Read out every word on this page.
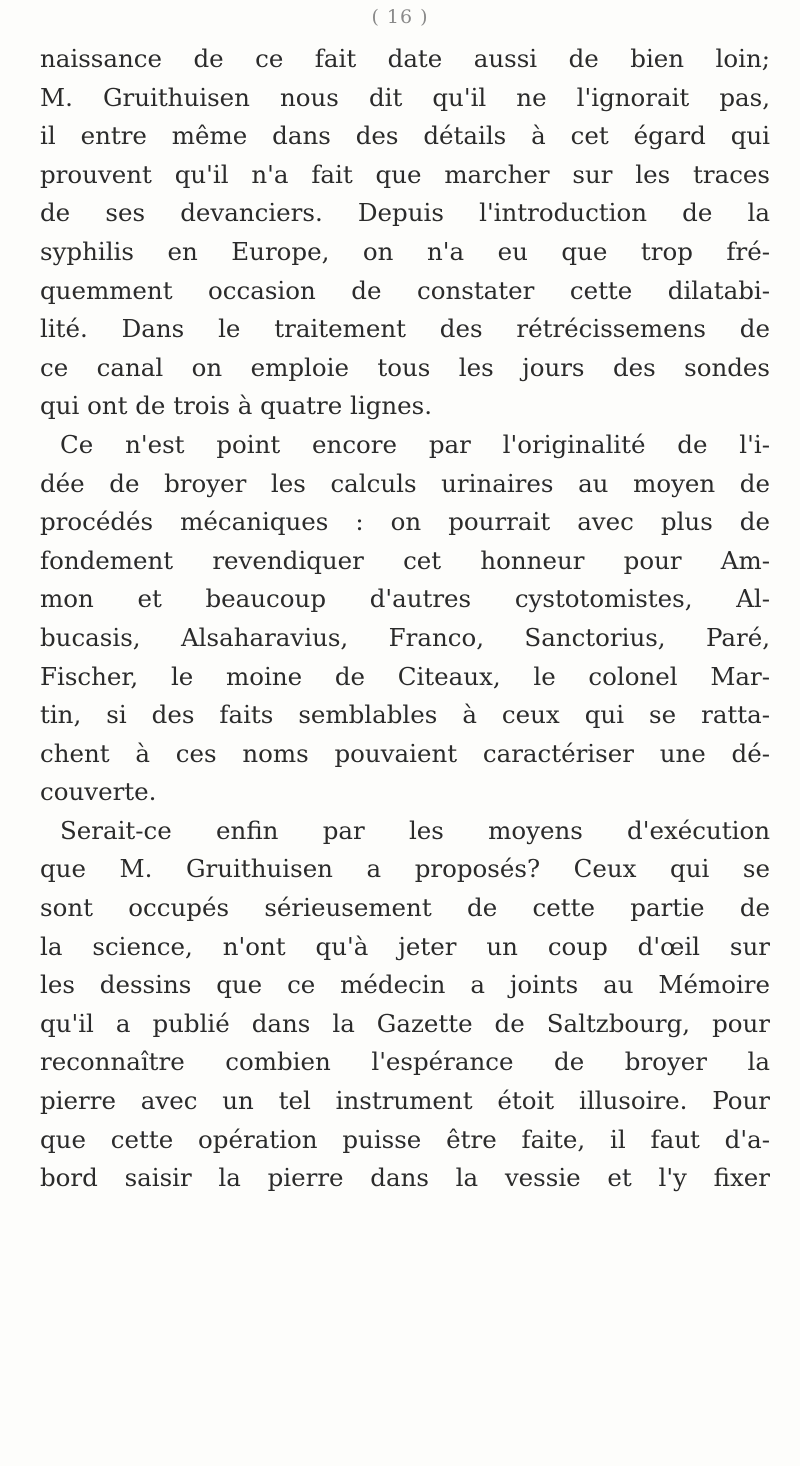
( 16 )
naissance de ce fait date aussi de bien loin;
M. Gruithuisen nous dit qu'il ne l'ignorait pas,
il entre même dans des détails à cet égard qui
prouvent qu'il n'a fait que marcher sur les traces
de ses devanciers. Depuis l'introduction de la
syphilis en Europe, on n'a eu que trop fré-
quemment occasion de constater cette dilatabi-
lité. Dans le traitement des rétrécissemens de
ce canal on emploie tous les jours des sondes
qui ont de trois à quatre lignes.
Ce n'est point encore par l'originalité de l'i-
dée de broyer les calculs urinaires au moyen de
procédés mécaniques : on pourrait avec plus de
fondement revendiquer cet honneur pour Am-
mon et beaucoup d'autres cystotomistes, Al-
bucasis, Alsaharavius, Franco, Sanctorius, Paré,
Fischer, le moine de Citeaux, le colonel Mar-
tin, si des faits semblables à ceux qui se ratta-
chent à ces noms pouvaient caractériser une dé-
couverte.
Serait-ce enfin par les moyens d'exécution
que M. Gruithuisen a proposés? Ceux qui se
sont occupés sérieusement de cette partie de
la science, n'ont qu'à jeter un coup d'œil sur
les dessins que ce médecin a joints au Mémoire
qu'il a publié dans la Gazette de Saltzbourg, pour
reconnaître combien l'espérance de broyer la
pierre avec un tel instrument étoit illusoire. Pour
que cette opération puisse être faite, il faut d'a-
bord saisir la pierre dans la vessie et l'y fixer
